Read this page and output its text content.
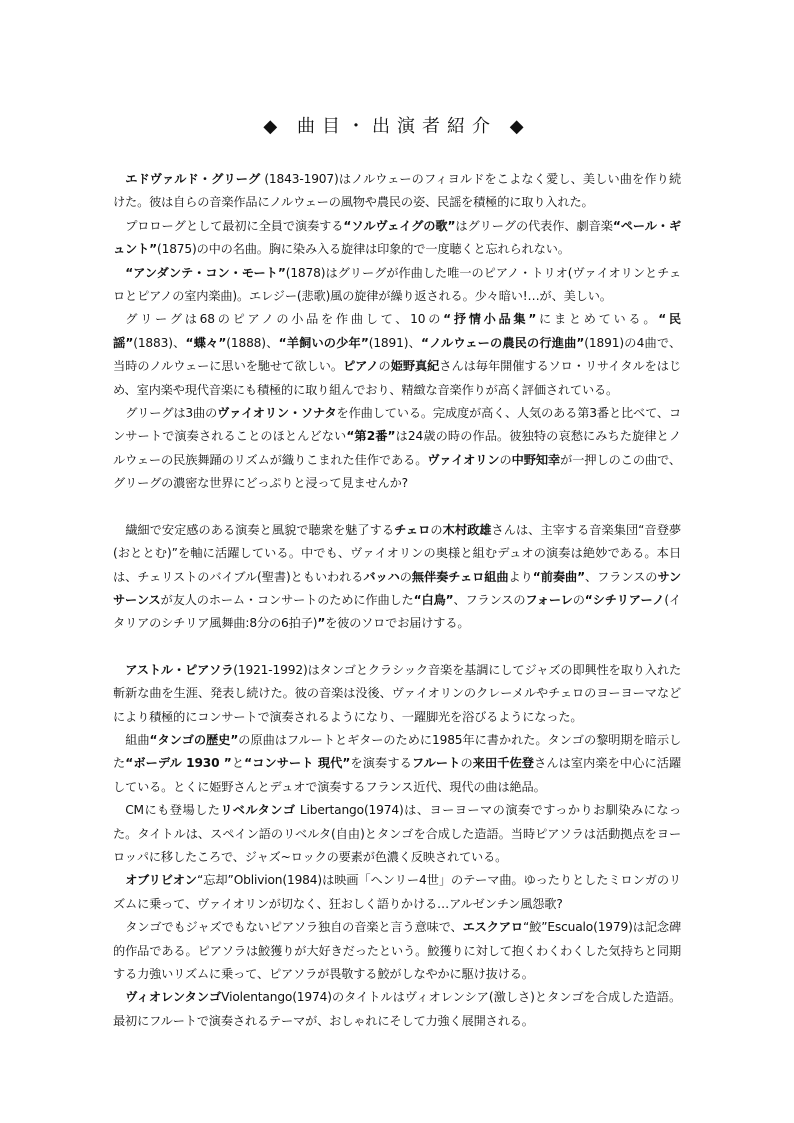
◆ 曲目・出演者紹介 ◆

エドヴァルド・グリーグ (1843-1907)はノルウェーのフィヨルドをこよなく愛し、美しい曲を作り続けた。彼は自らの音楽作品にノルウェーの風物や農民の姿、民謡を積極的に取り入れた。

プロローグとして最初に全員で演奏する“ソルヴェイグの歌”はグリーグの代表作、劇音楽“ペール・ギュント”(1875)の中の名曲。胸に染み入る旋律は印象的で一度聴くと忘れられない。

“アンダンテ・コン・モート”(1878)はグリーグが作曲した唯一のピアノ・トリオ(ヴァイオリンとチェロとピアノの室内楽曲)。エレジー(悲歌)風の旋律が繰り返される。少々暗い!…が、美しい。

グリーグは68のピアノの小品を作曲して、10の“抒情小品集”にまとめている。“民謡”(1883)、“蝶々”(1888)、“羊飼いの少年”(1891)、“ノルウェーの農民の行進曲”(1891)の4曲で、当時のノルウェーに思いを馳せて欲しい。ピアノの姫野真紀さんは毎年開催するソロ・リサイタルをはじめ、室内楽や現代音楽にも積極的に取り組んでおり、精緻な音楽作りが高く評価されている。

グリーグは3曲のヴァイオリン・ソナタを作曲している。完成度が高く、人気のある第3番と比べて、コンサートで演奏されることのほとんどない“第2番”は24歳の時の作品。彼独特の哀愁にみちた旋律とノルウェーの民族舞踊のリズムが織りこまれた佳作である。ヴァイオリンの中野知幸が一押しのこの曲で、グリーグの濃密な世界にどっぷりと浸って見ませんか?

繊細で安定感のある演奏と風貌で聴衆を魅了するチェロの木村政雄さんは、主宰する音楽集団“音登夢(おととむ)”を軸に活躍している。中でも、ヴァイオリンの奥様と組むデュオの演奏は絶妙である。本日は、チェリストのバイブル(聖書)ともいわれるバッハの無伴奏チェロ組曲より“前奏曲”、フランスのサンサーンスが友人のホーム・コンサートのために作曲した“白鳥”、フランスのフォーレの“シチリアーノ(イタリアのシチリア風舞曲:8分の6拍子)”を彼のソロでお届けする。

アストル・ピアソラ(1921-1992)はタンゴとクラシック音楽を基調にしてジャズの即興性を取り入れた斬新な曲を生涯、発表し続けた。彼の音楽は没後、ヴァイオリンのクレーメルやチェロのヨーヨーマなどにより積極的にコンサートで演奏されるようになり、一躍脚光を浴びるようになった。

組曲“タンゴの歴史”の原曲はフルートとギターのために1985年に書かれた。タンゴの黎明期を暗示した“ボーデル 1930 ”と“コンサート 現代”を演奏するフルートの来田千佐登さんは室内楽を中心に活躍している。とくに姫野さんとデュオで演奏するフランス近代、現代の曲は絶品。

CMにも登場したリベルタンゴ Libertango(1974)は、ヨーヨーマの演奏ですっかりお馴染みになった。タイトルは、スペイン語のリベルタ(自由)とタンゴを合成した造語。当時ピアソラは活動拠点をヨーロッパに移したころで、ジャズ~ロックの要素が色濃く反映されている。

オブリビオン“忘却”Oblivion(1984)は映画「ヘンリー4世」のテーマ曲。ゆったりとしたミロンガのリズムに乗って、ヴァイオリンが切なく、狂おしく語りかける…アルゼンチン風怨歌?

タンゴでもジャズでもないピアソラ独自の音楽と言う意味で、エスクアロ“鮫”Escualo(1979)は記念碑的作品である。ピアソラは鮫獲りが大好きだったという。鮫獲りに対して抱くわくわくした気持ちと同期する力強いリズムに乗って、ピアソラが畏敬する鮫がしなやかに駆け抜ける。

ヴィオレンタンゴViolentango(1974)のタイトルはヴィオレンシア(激しさ)とタンゴを合成した造語。最初にフルートで演奏されるテーマが、おしゃれにそして力強く展開される。
